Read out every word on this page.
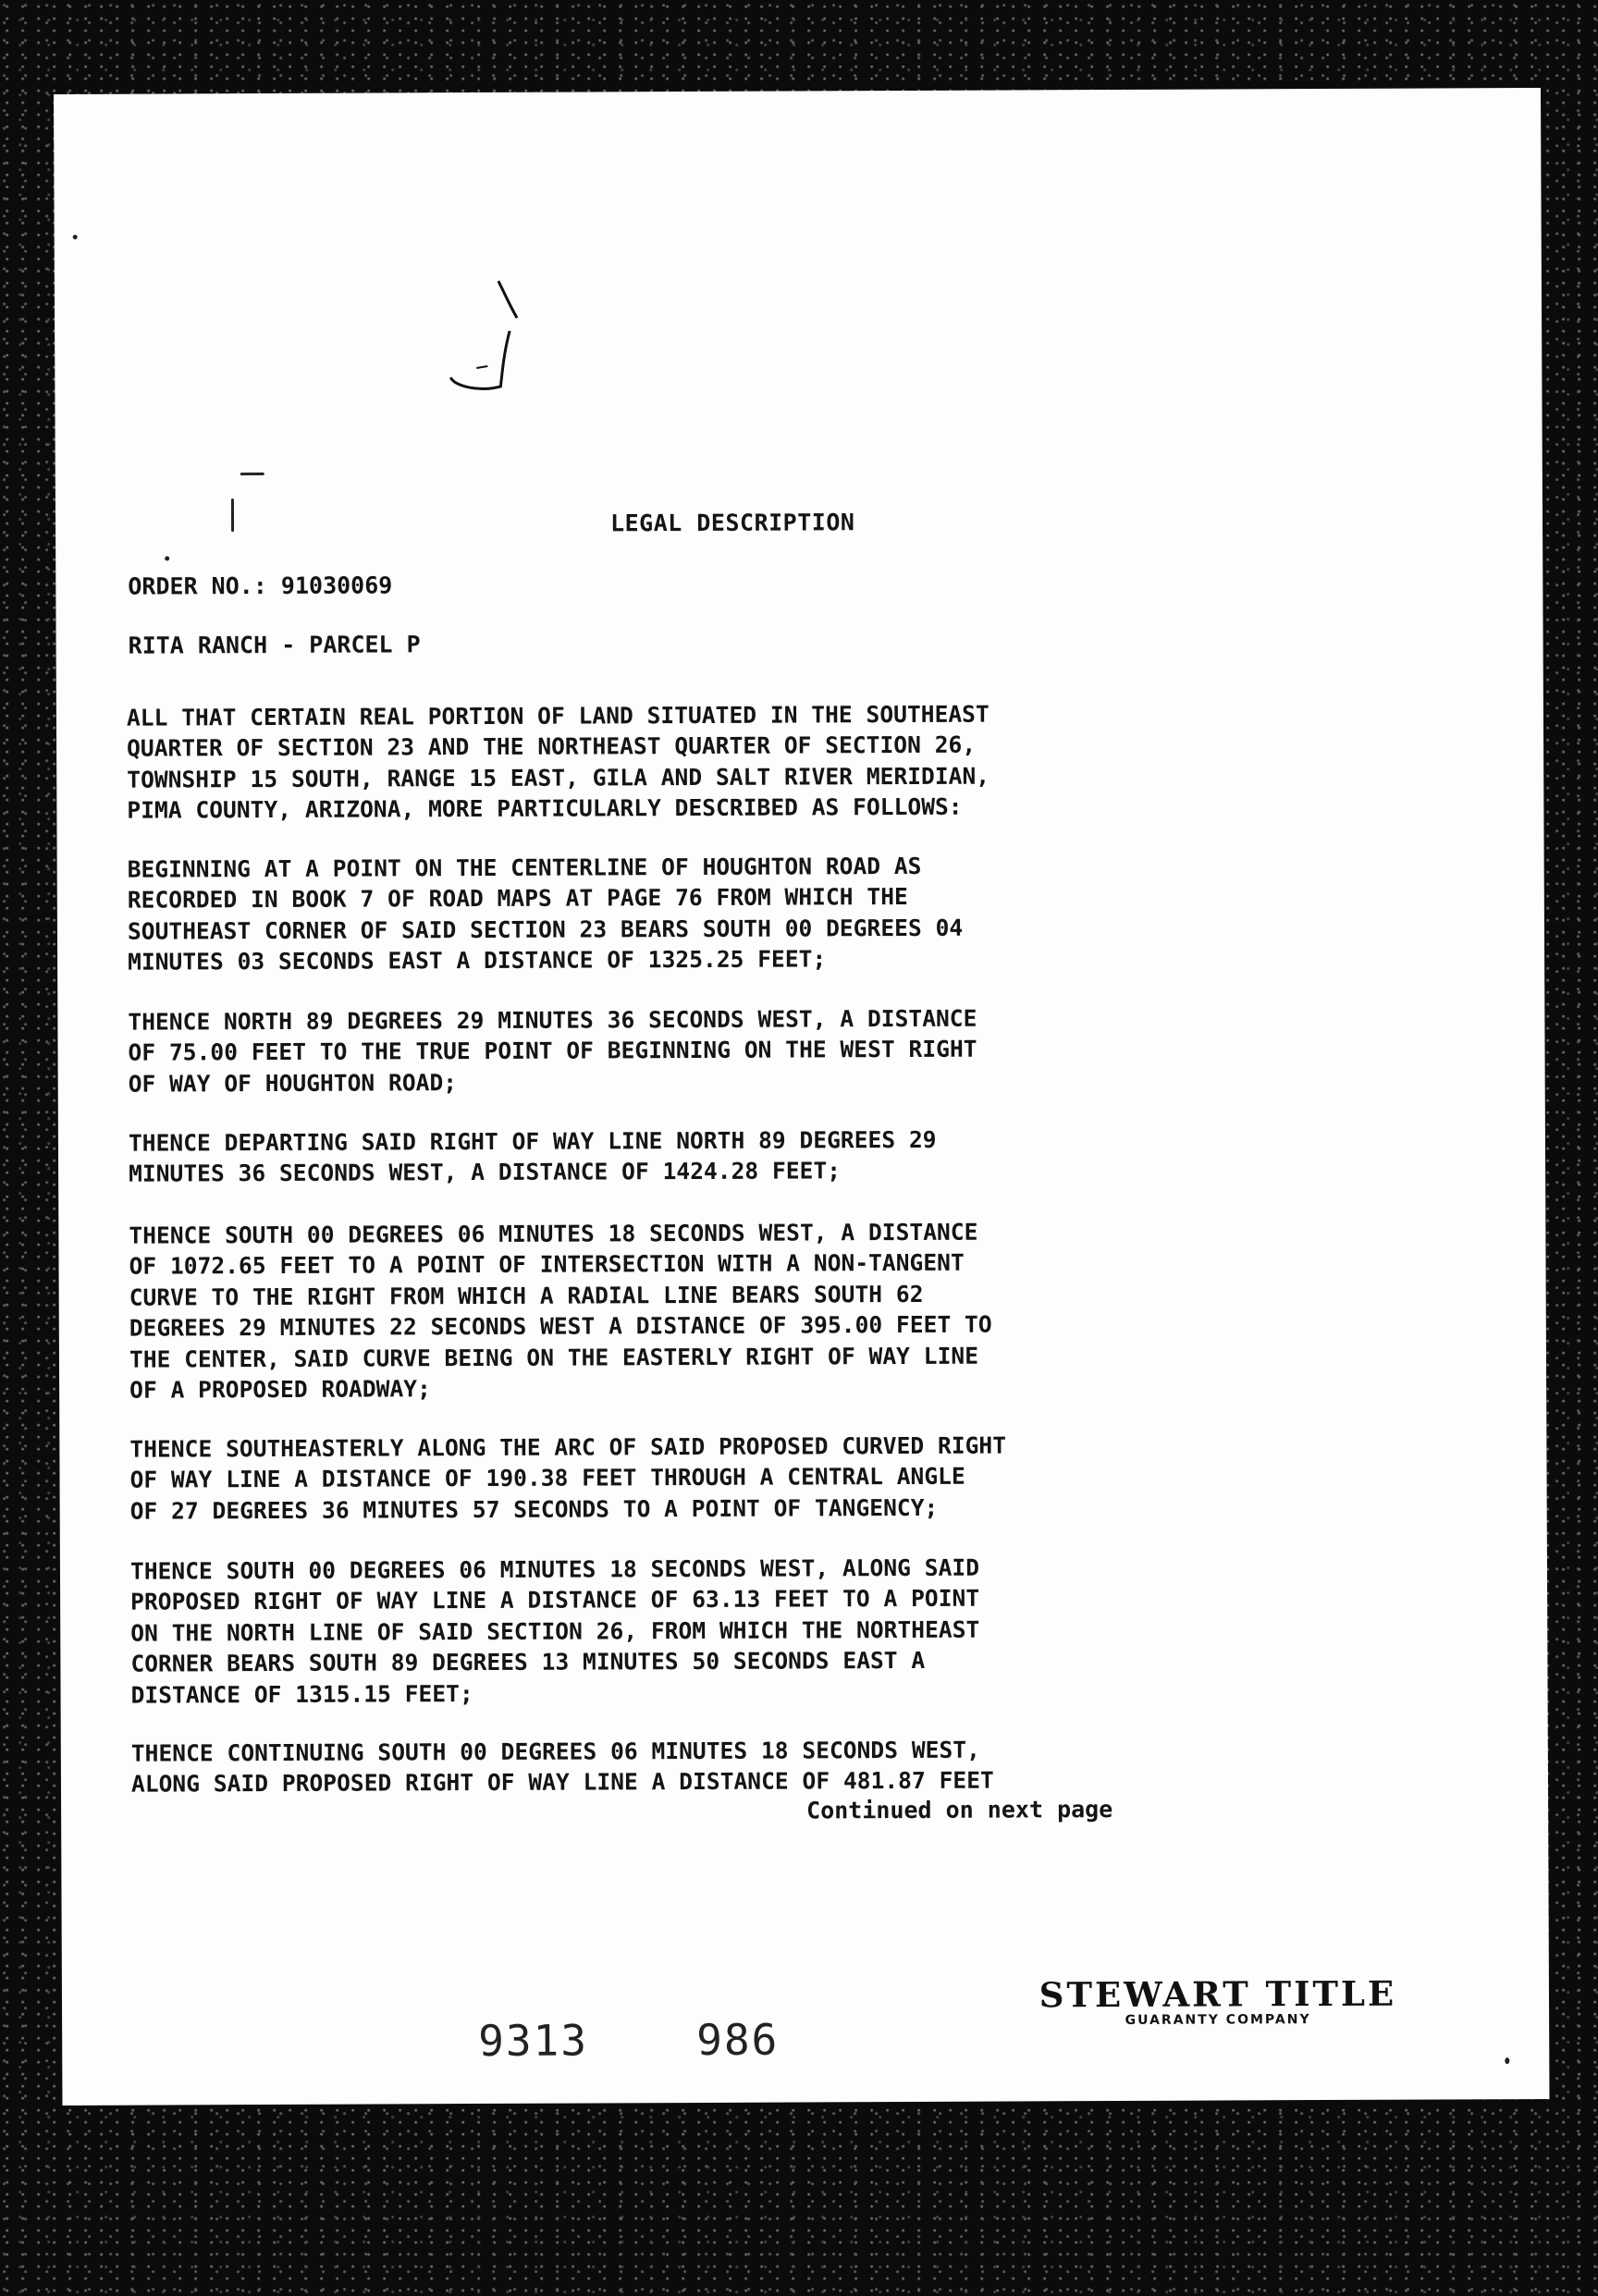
LEGAL DESCRIPTION
ORDER NO.: 91030069
RITA RANCH - PARCEL P
ALL THAT CERTAIN REAL PORTION OF LAND SITUATED IN THE SOUTHEAST
QUARTER OF SECTION 23 AND THE NORTHEAST QUARTER OF SECTION 26,
TOWNSHIP 15 SOUTH, RANGE 15 EAST, GILA AND SALT RIVER MERIDIAN,
PIMA COUNTY, ARIZONA, MORE PARTICULARLY DESCRIBED AS FOLLOWS:
BEGINNING AT A POINT ON THE CENTERLINE OF HOUGHTON ROAD AS
RECORDED IN BOOK 7 OF ROAD MAPS AT PAGE 76 FROM WHICH THE
SOUTHEAST CORNER OF SAID SECTION 23 BEARS SOUTH 00 DEGREES 04
MINUTES 03 SECONDS EAST A DISTANCE OF 1325.25 FEET;
THENCE NORTH 89 DEGREES 29 MINUTES 36 SECONDS WEST, A DISTANCE
OF 75.00 FEET TO THE TRUE POINT OF BEGINNING ON THE WEST RIGHT
OF WAY OF HOUGHTON ROAD;
THENCE DEPARTING SAID RIGHT OF WAY LINE NORTH 89 DEGREES 29
MINUTES 36 SECONDS WEST, A DISTANCE OF 1424.28 FEET;
THENCE SOUTH 00 DEGREES 06 MINUTES 18 SECONDS WEST, A DISTANCE
OF 1072.65 FEET TO A POINT OF INTERSECTION WITH A NON-TANGENT
CURVE TO THE RIGHT FROM WHICH A RADIAL LINE BEARS SOUTH 62
DEGREES 29 MINUTES 22 SECONDS WEST A DISTANCE OF 395.00 FEET TO
THE CENTER, SAID CURVE BEING ON THE EASTERLY RIGHT OF WAY LINE
OF A PROPOSED ROADWAY;
THENCE SOUTHEASTERLY ALONG THE ARC OF SAID PROPOSED CURVED RIGHT
OF WAY LINE A DISTANCE OF 190.38 FEET THROUGH A CENTRAL ANGLE
OF 27 DEGREES 36 MINUTES 57 SECONDS TO A POINT OF TANGENCY;
THENCE SOUTH 00 DEGREES 06 MINUTES 18 SECONDS WEST, ALONG SAID
PROPOSED RIGHT OF WAY LINE A DISTANCE OF 63.13 FEET TO A POINT
ON THE NORTH LINE OF SAID SECTION 26, FROM WHICH THE NORTHEAST
CORNER BEARS SOUTH 89 DEGREES 13 MINUTES 50 SECONDS EAST A
DISTANCE OF 1315.15 FEET;
THENCE CONTINUING SOUTH 00 DEGREES 06 MINUTES 18 SECONDS WEST,
ALONG SAID PROPOSED RIGHT OF WAY LINE A DISTANCE OF 481.87 FEET
Continued on next page
9313	986
STEWART TITLE
GUARANTY COMPANY
